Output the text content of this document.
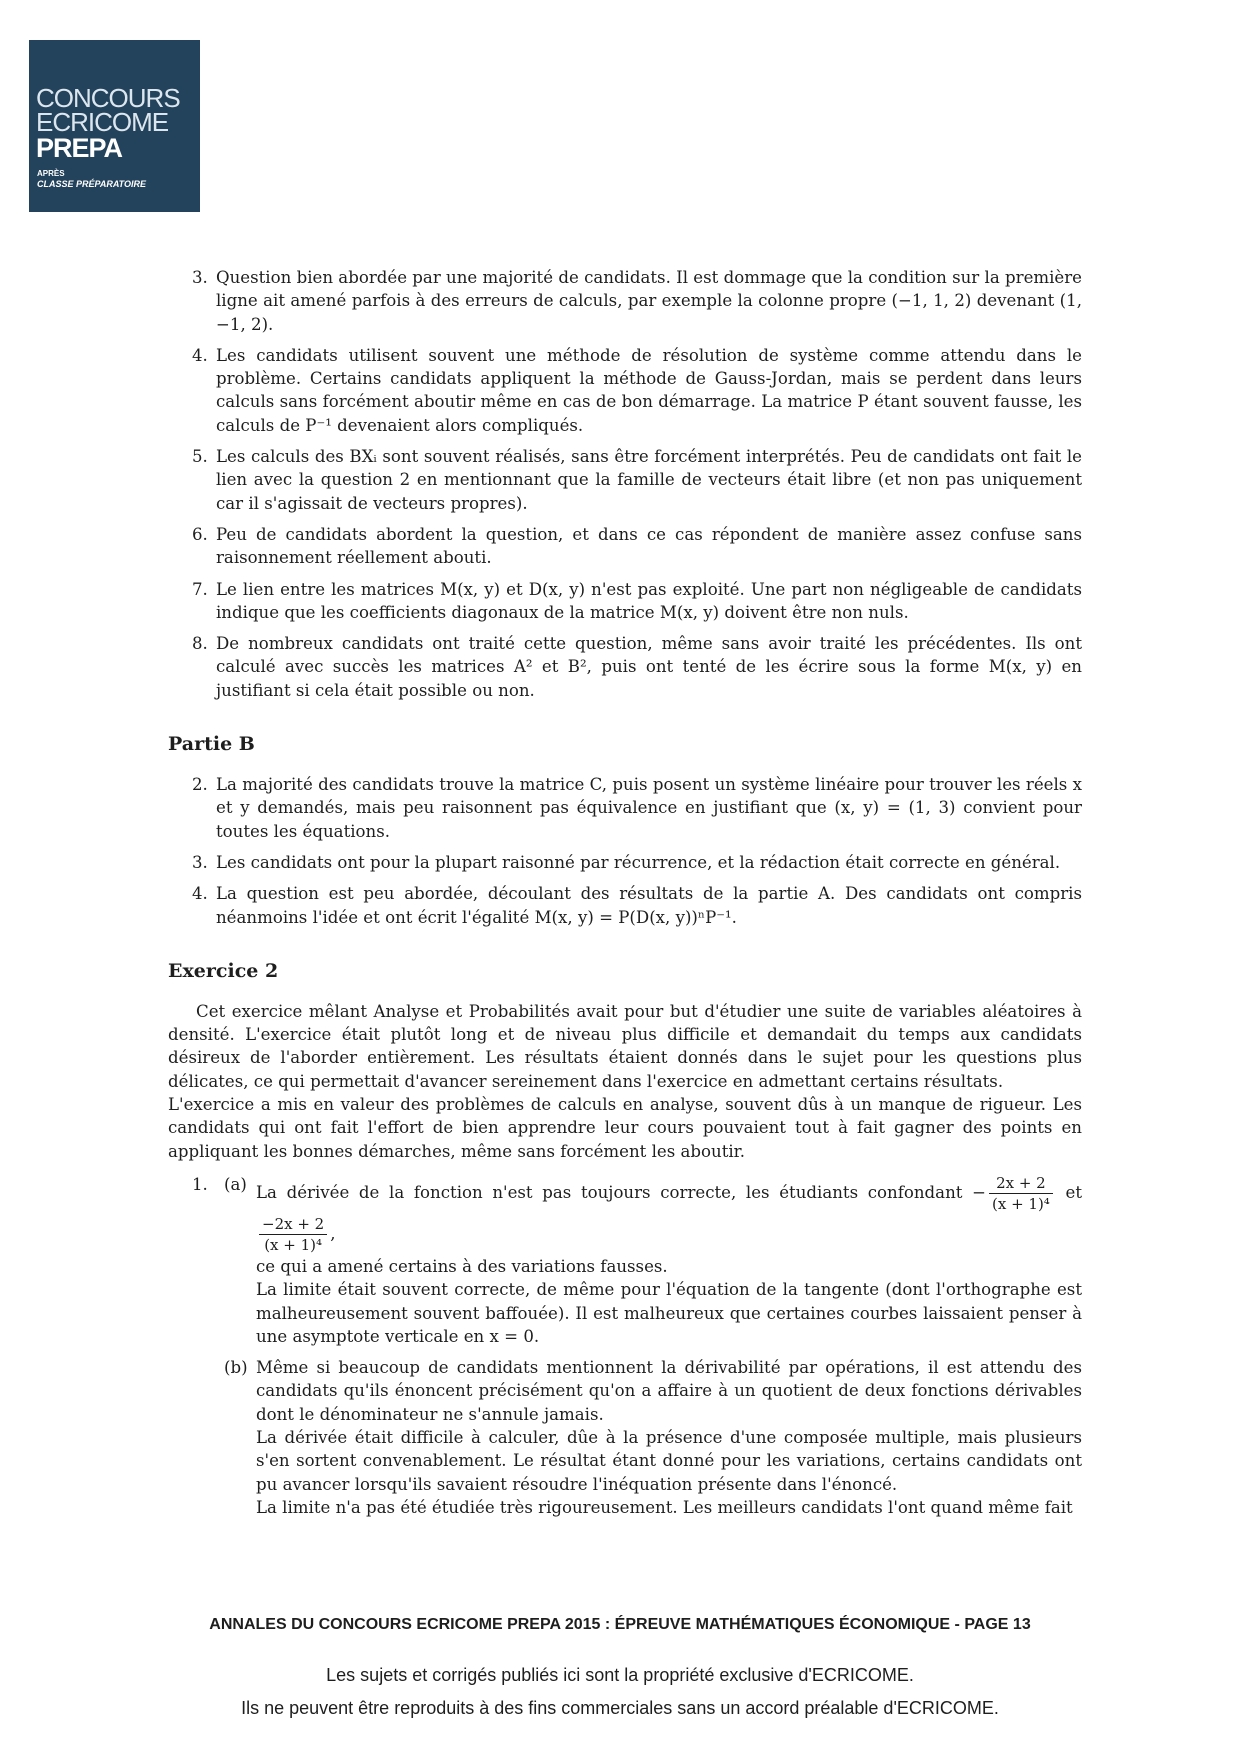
CONCOURS
ECRICOME
PREPA
APRÈS
CLASSE PRÉPARATOIRE
3. Question bien abordée par une majorité de candidats. Il est dommage que la condition sur la première ligne ait amené parfois à des erreurs de calculs, par exemple la colonne propre (−1, 1, 2) devenant (1, −1, 2).
4. Les candidats utilisent souvent une méthode de résolution de système comme attendu dans le problème. Certains candidats appliquent la méthode de Gauss-Jordan, mais se perdent dans leurs calculs sans forcément aboutir même en cas de bon démarrage. La matrice P étant souvent fausse, les calculs de P⁻¹ devenaient alors compliqués.
5. Les calculs des BXᵢ sont souvent réalisés, sans être forcément interprétés. Peu de candidats ont fait le lien avec la question 2 en mentionnant que la famille de vecteurs était libre (et non pas uniquement car il s'agissait de vecteurs propres).
6. Peu de candidats abordent la question, et dans ce cas répondent de manière assez confuse sans raisonnement réellement abouti.
7. Le lien entre les matrices M(x, y) et D(x, y) n'est pas exploité. Une part non négligeable de candidats indique que les coefficients diagonaux de la matrice M(x, y) doivent être non nuls.
8. De nombreux candidats ont traité cette question, même sans avoir traité les précédentes. Ils ont calculé avec succès les matrices A² et B², puis ont tenté de les écrire sous la forme M(x, y) en justifiant si cela était possible ou non.
Partie B
2. La majorité des candidats trouve la matrice C, puis posent un système linéaire pour trouver les réels x et y demandés, mais peu raisonnent pas équivalence en justifiant que (x, y) = (1, 3) convient pour toutes les équations.
3. Les candidats ont pour la plupart raisonné par récurrence, et la rédaction était correcte en général.
4. La question est peu abordée, découlant des résultats de la partie A. Des candidats ont compris néanmoins l'idée et ont écrit l'égalité M(x, y) = P(D(x, y))ⁿP⁻¹.
Exercice 2
Cet exercice mêlant Analyse et Probabilités avait pour but d'étudier une suite de variables aléatoires à densité. L'exercice était plutôt long et de niveau plus difficile et demandait du temps aux candidats désireux de l'aborder entièrement. Les résultats étaient donnés dans le sujet pour les questions plus délicates, ce qui permettait d'avancer sereinement dans l'exercice en admettant certains résultats.
L'exercice a mis en valeur des problèmes de calculs en analyse, souvent dûs à un manque de rigueur. Les candidats qui ont fait l'effort de bien apprendre leur cours pouvaient tout à fait gagner des points en appliquant les bonnes démarches, même sans forcément les aboutir.
1. (a) La dérivée de la fonction n'est pas toujours correcte, les étudiants confondant − $\frac{2x + 2}{\text{(x + 1)⁴}}$ et
$\frac{-2x + 2}{\text{(x + 1)⁴}}$ ,
ce qui a amené certains à des variations fausses.
La limite était souvent correcte, de même pour l'équation de la tangente (dont l'orthographe est malheureusement souvent baffouée). Il est malheureux que certaines courbes laissaient penser à une asymptote verticale en x = 0.
(b) Même si beaucoup de candidats mentionnent la dérivabilité par opérations, il est attendu des candidats qu'ils énoncent précisément qu'on a affaire à un quotient de deux fonctions dérivables dont le dénominateur ne s'annule jamais.
La dérivée était difficile à calculer, dûe à la présence d'une composée multiple, mais plusieurs s'en sortent convenablement. Le résultat étant donné pour les variations, certains candidats ont pu avancer lorsqu'ils savaient résoudre l'inéquation présente dans l'énoncé.
La limite n'a pas été étudiée très rigoureusement. Les meilleurs candidats l'ont quand même fait
ANNALES DU CONCOURS ECRICOME PREPA 2015 : ÉPREUVE MATHÉMATIQUES ÉCONOMIQUE - PAGE 13
Les sujets et corrigés publiés ici sont la propriété exclusive d'ECRICOME.
Ils ne peuvent être reproduits à des fins commerciales sans un accord préalable d'ECRICOME.
